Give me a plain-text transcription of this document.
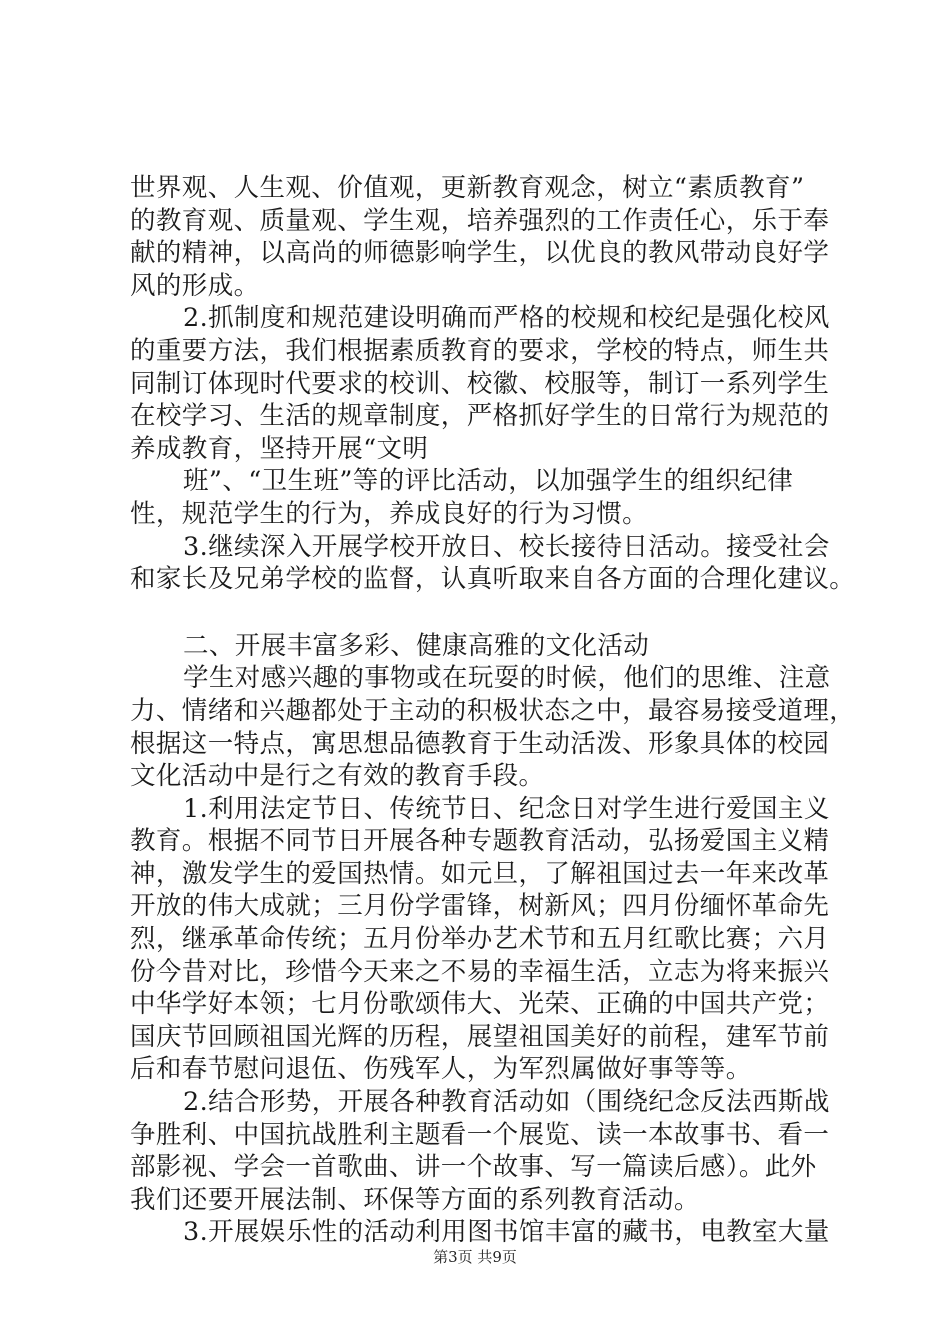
世界观、人生观、价值观，更新教育观念，树立“素质教育”
的教育观、质量观、学生观，培养强烈的工作责任心，乐于奉
献的精神，以高尚的师德影响学生，以优良的教风带动良好学
风的形成。
2.抓制度和规范建设明确而严格的校规和校纪是强化校风
的重要方法，我们根据素质教育的要求，学校的特点，师生共
同制订体现时代要求的校训、校徽、校服等，制订一系列学生
在校学习、生活的规章制度，严格抓好学生的日常行为规范的
养成教育，坚持开展“文明
班”、“卫生班”等的评比活动，以加强学生的组织纪律
性，规范学生的行为，养成良好的行为习惯。
3.继续深入开展学校开放日、校长接待日活动。接受社会
和家长及兄弟学校的监督，认真听取来自各方面的合理化建议。
二、开展丰富多彩、健康高雅的文化活动
学生对感兴趣的事物或在玩耍的时候，他们的思维、注意
力、情绪和兴趣都处于主动的积极状态之中，最容易接受道理，
根据这一特点，寓思想品德教育于生动活泼、形象具体的校园
文化活动中是行之有效的教育手段。
1.利用法定节日、传统节日、纪念日对学生进行爱国主义
教育。根据不同节日开展各种专题教育活动，弘扬爱国主义精
神，激发学生的爱国热情。如元旦，了解祖国过去一年来改革
开放的伟大成就；三月份学雷锋，树新风；四月份缅怀革命先
烈，继承革命传统；五月份举办艺术节和五月红歌比赛；六月
份今昔对比，珍惜今天来之不易的幸福生活，立志为将来振兴
中华学好本领；七月份歌颂伟大、光荣、正确的中国共产党；
国庆节回顾祖国光辉的历程，展望祖国美好的前程，建军节前
后和春节慰问退伍、伤残军人，为军烈属做好事等等。
2.结合形势，开展各种教育活动如（围绕纪念反法西斯战
争胜利、中国抗战胜利主题看一个展览、读一本故事书、看一
部影视、学会一首歌曲、讲一个故事、写一篇读后感）。此外
我们还要开展法制、环保等方面的系列教育活动。
3.开展娱乐性的活动利用图书馆丰富的藏书，电教室大量
第3页 共9页
